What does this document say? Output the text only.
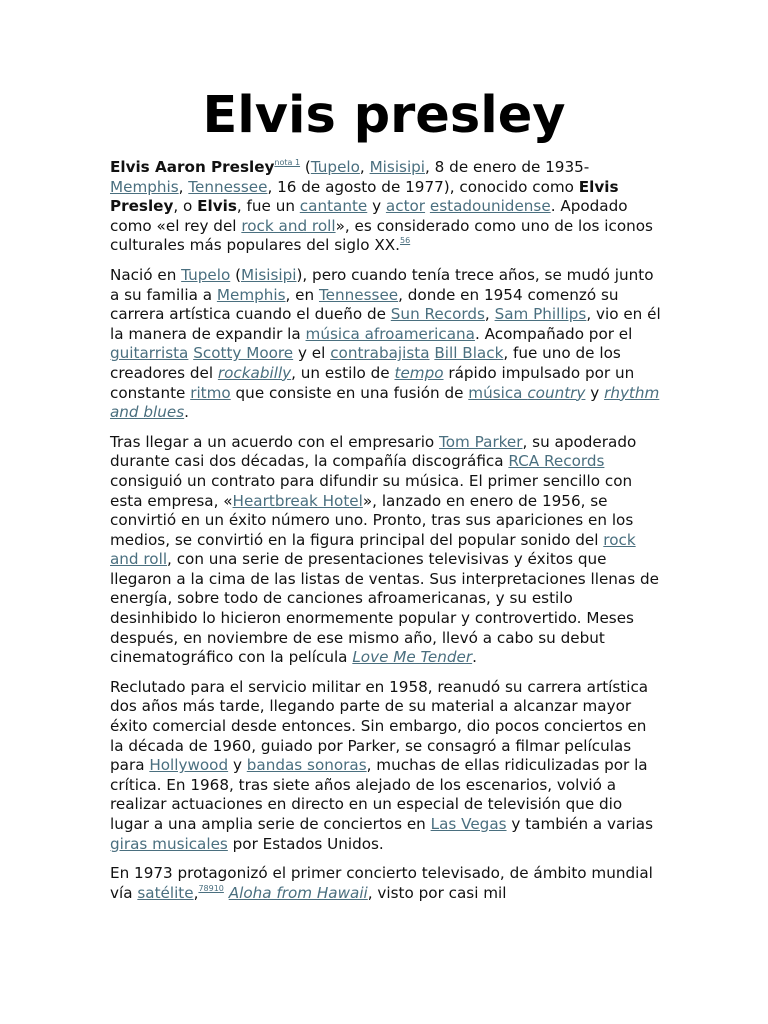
Elvis presley

Elvis Aaron Presley$^{nota 1}$ (Tupelo, Misisipi, 8 de enero de 1935-Memphis, Tennessee, 16 de agosto de 1977), conocido como Elvis Presley, o Elvis, fue un cantante y actor estadounidense. Apodado como «el rey del rock and roll», es considerado como uno de los iconos culturales más populares del siglo XX.$^{56}$

Nació en Tupelo (Misisipi), pero cuando tenía trece años, se mudó junto a su familia a Memphis, en Tennessee, donde en 1954 comenzó su carrera artística cuando el dueño de Sun Records, Sam Phillips, vio en él la manera de expandir la música afroamericana. Acompañado por el guitarrista Scotty Moore y el contrabajista Bill Black, fue uno de los creadores del rockabilly, un estilo de tempo rápido impulsado por un constante ritmo que consiste en una fusión de música country y rhythm and blues.

Tras llegar a un acuerdo con el empresario Tom Parker, su apoderado durante casi dos décadas, la compañía discográfica RCA Records consiguió un contrato para difundir su música. El primer sencillo con esta empresa, «Heartbreak Hotel», lanzado en enero de 1956, se convirtió en un éxito número uno. Pronto, tras sus apariciones en los medios, se convirtió en la figura principal del popular sonido del rock and roll, con una serie de presentaciones televisivas y éxitos que llegaron a la cima de las listas de ventas. Sus interpretaciones llenas de energía, sobre todo de canciones afroamericanas, y su estilo desinhibido lo hicieron enormemente popular y controvertido. Meses después, en noviembre de ese mismo año, llevó a cabo su debut cinematográfico con la película Love Me Tender.

Reclutado para el servicio militar en 1958, reanudó su carrera artística dos años más tarde, llegando parte de su material a alcanzar mayor éxito comercial desde entonces. Sin embargo, dio pocos conciertos en la década de 1960, guiado por Parker, se consagró a filmar películas para Hollywood y bandas sonoras, muchas de ellas ridiculizadas por la crítica. En 1968, tras siete años alejado de los escenarios, volvió a realizar actuaciones en directo en un especial de televisión que dio lugar a una amplia serie de conciertos en Las Vegas y también a varias giras musicales por Estados Unidos.

En 1973 protagonizó el primer concierto televisado, de ámbito mundial vía satélite,$^{78910}$ Aloha from Hawaii, visto por casi mil
